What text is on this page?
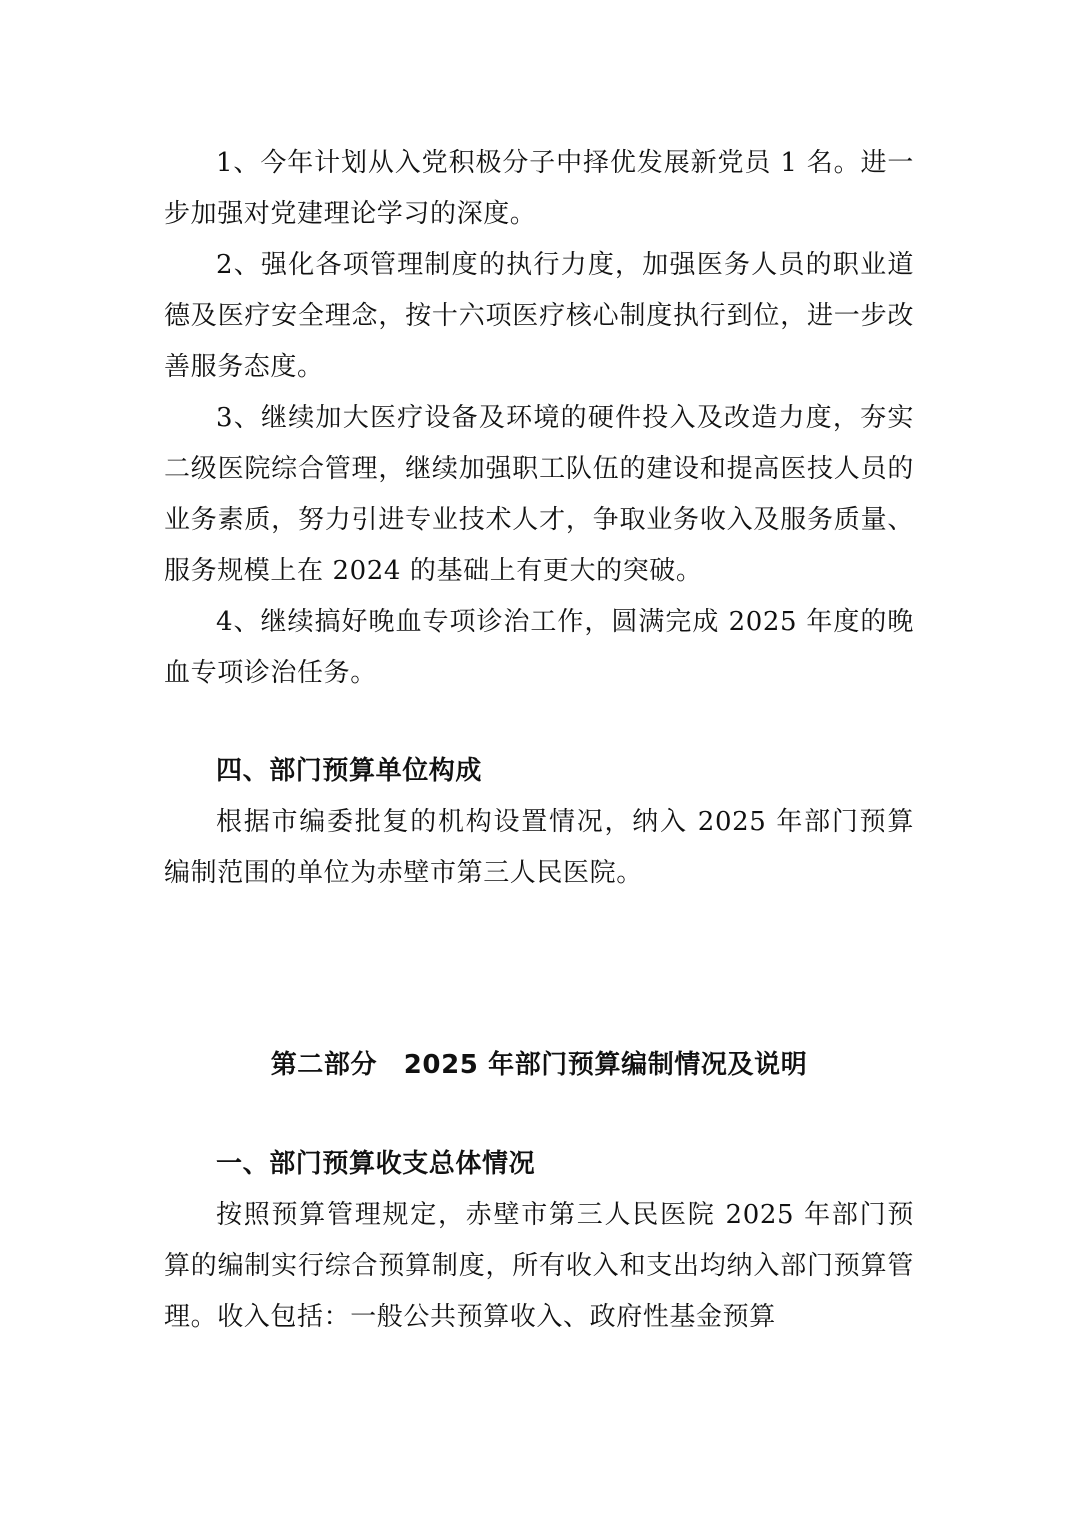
1、今年计划从入党积极分子中择优发展新党员 1 名。进一步加强对党建理论学习的深度。

2、强化各项管理制度的执行力度，加强医务人员的职业道德及医疗安全理念，按十六项医疗核心制度执行到位，进一步改善服务态度。

3、继续加大医疗设备及环境的硬件投入及改造力度，夯实二级医院综合管理，继续加强职工队伍的建设和提高医技人员的业务素质，努力引进专业技术人才，争取业务收入及服务质量、服务规模上在 2024 的基础上有更大的突破。

4、继续搞好晚血专项诊治工作，圆满完成 2025 年度的晚血专项诊治任务。

四、部门预算单位构成

根据市编委批复的机构设置情况，纳入 2025 年部门预算编制范围的单位为赤壁市第三人民医院。

第二部分　2025 年部门预算编制情况及说明

一、部门预算收支总体情况

按照预算管理规定，赤壁市第三人民医院 2025 年部门预算的编制实行综合预算制度，所有收入和支出均纳入部门预算管理。收入包括：一般公共预算收入、政府性基金预算
